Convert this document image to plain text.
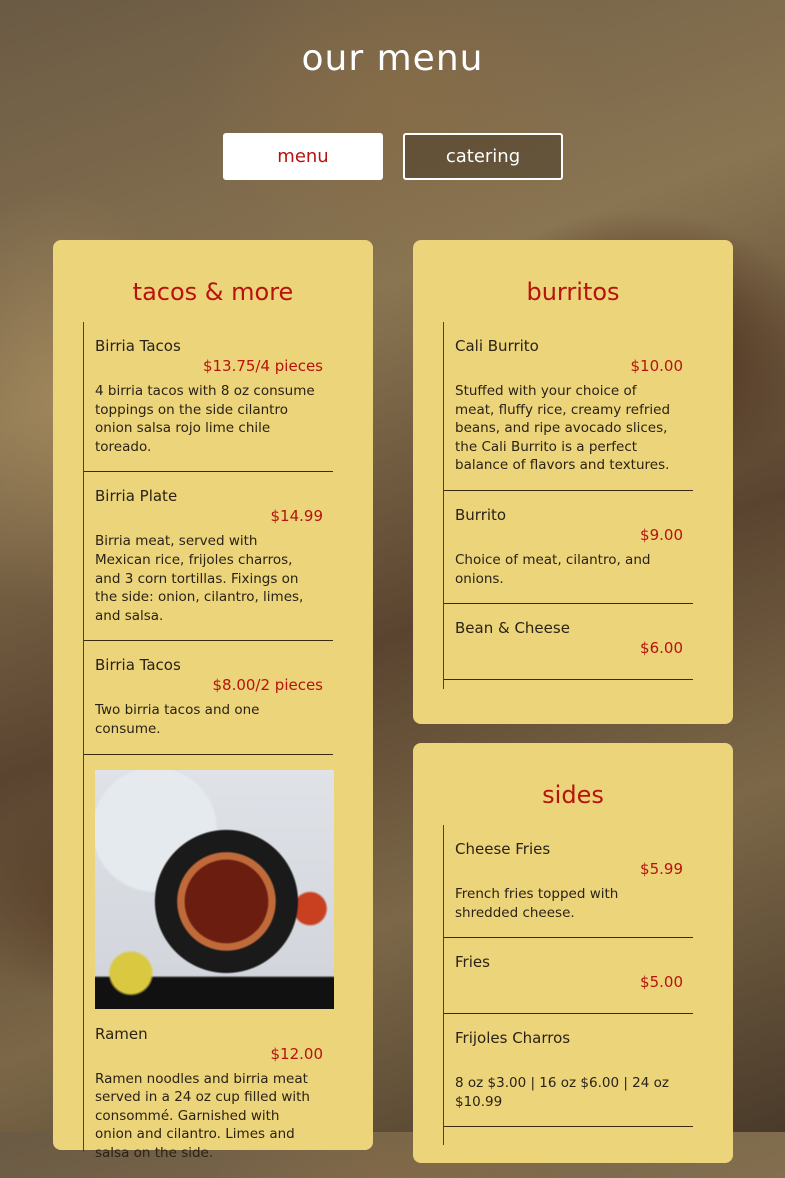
our menu
menu	catering
tacos & more
Birria Tacos
$13.75/4 pieces
4 birria tacos with 8 oz consume toppings on the side cilantro onion salsa rojo lime chile toreado.
Birria Plate
$14.99
Birria meat, served with Mexican rice, frijoles charros, and 3 corn tortillas. Fixings on the side: onion, cilantro, limes, and salsa.
Birria Tacos
$8.00/2 pieces
Two birria tacos and one consume.
Ramen
$12.00
Ramen noodles and birria meat served in a 24 oz cup filled with consommé. Garnished with onion and cilantro. Limes and salsa on the side.
burritos
Cali Burrito
$10.00
Stuffed with your choice of meat, fluffy rice, creamy refried beans, and ripe avocado slices, the Cali Burrito is a perfect balance of flavors and textures.
Burrito
$9.00
Choice of meat, cilantro, and onions.
Bean & Cheese
$6.00
sides
Cheese Fries
$5.99
French fries topped with shredded cheese.
Fries
$5.00
Frijoles Charros
8 oz $3.00 | 16 oz $6.00 | 24 oz $10.99
